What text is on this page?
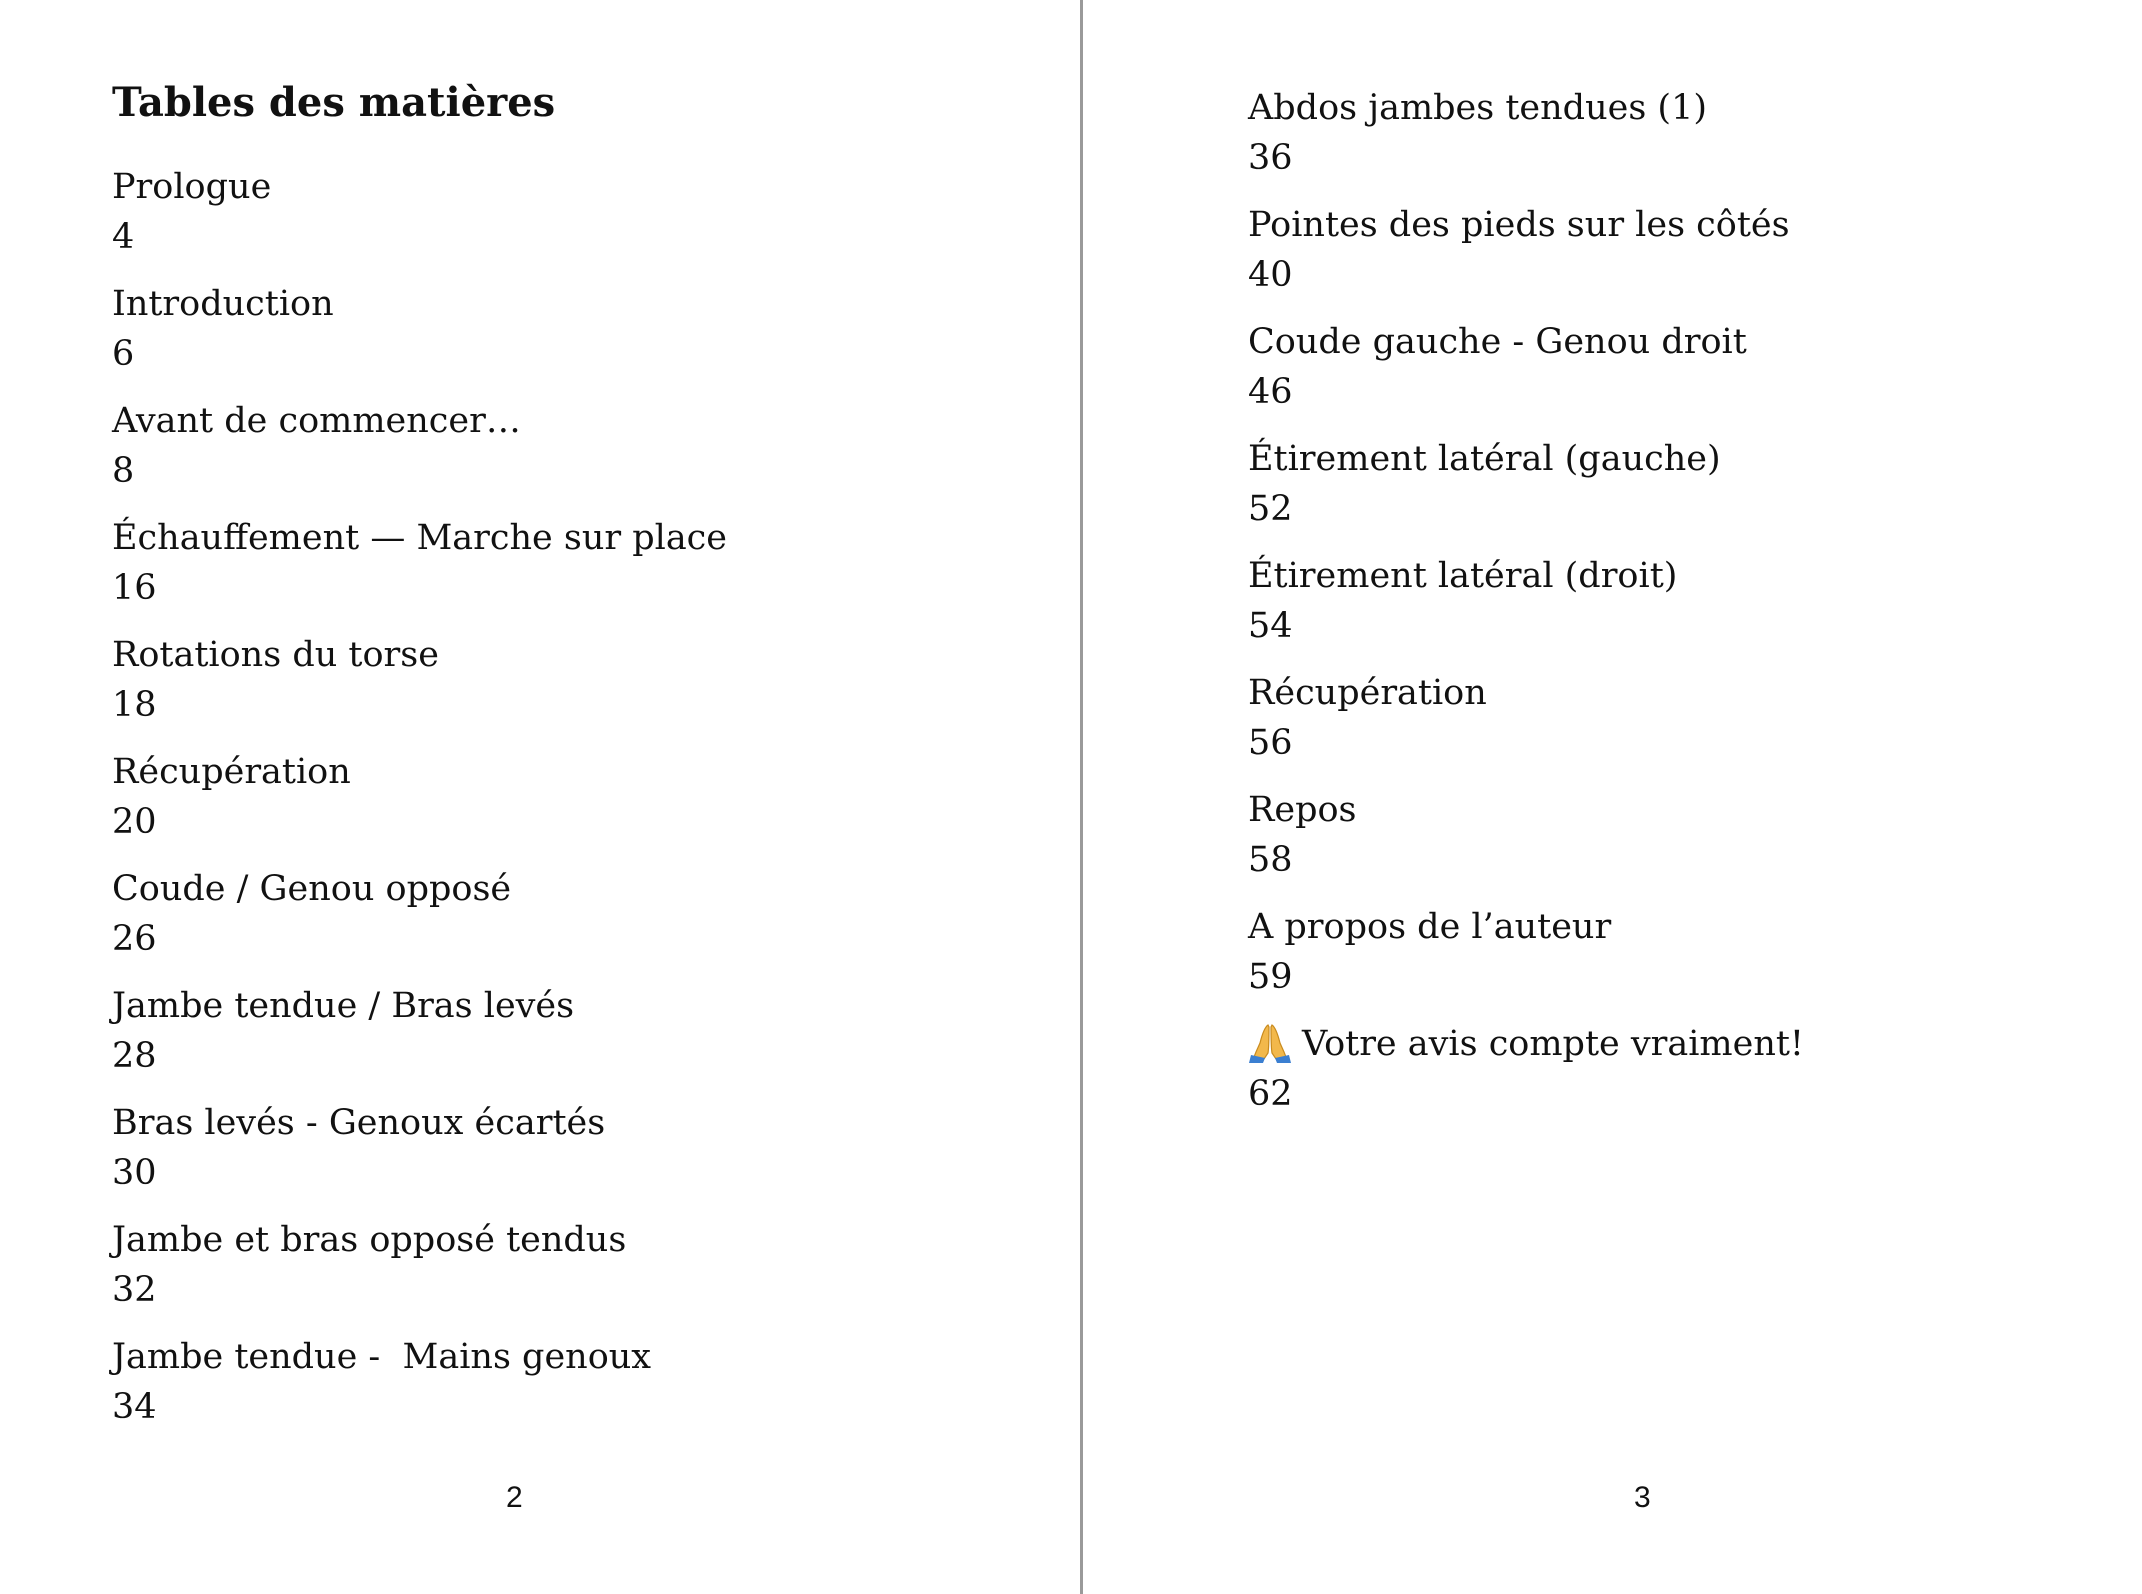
Tables des matières
Prologue
4
Introduction
6
Avant de commencer…
8
Échauffement — Marche sur place
16
Rotations du torse
18
Récupération
20
Coude / Genou opposé
26
Jambe tendue / Bras levés
28
Bras levés - Genoux écartés
30
Jambe et bras opposé tendus
32
Jambe tendue -  Mains genoux
34
2
Abdos jambes tendues (1)
36
Pointes des pieds sur les côtés
40
Coude gauche - Genou droit
46
Étirement latéral (gauche)
52
Étirement latéral (droit)
54
Récupération
56
Repos
58
A propos de l’auteur
59
Votre avis compte vraiment!
62
3
